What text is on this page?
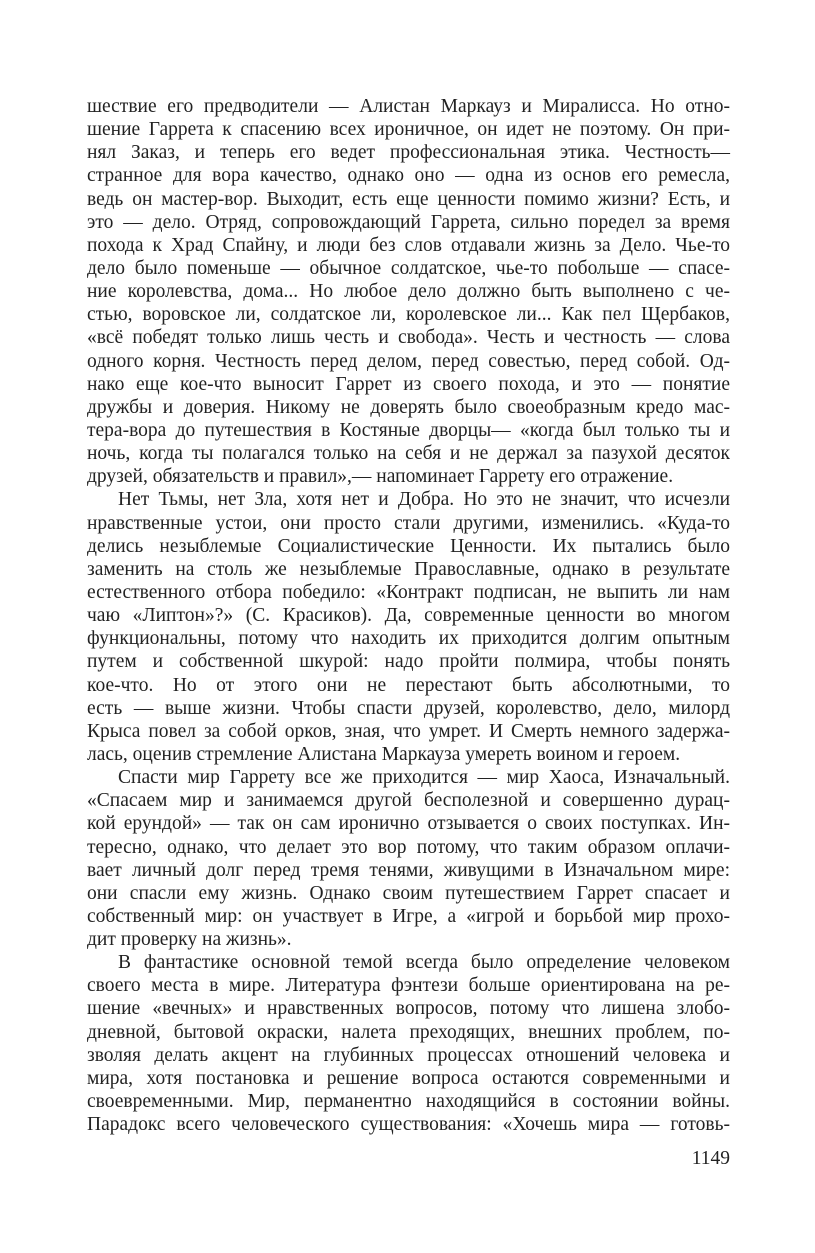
шествие его предводители — Алистан Маркауз и Миралисса. Но отно-
шение Гаррета к спасению всех ироничное, он идет не поэтому. Он при-
нял Заказ, и теперь его ведет профессиональная этика. Честность—
странное для вора качество, однако оно — одна из основ его ремесла,
ведь он мастер-вор. Выходит, есть еще ценности помимо жизни? Есть, и
это — дело. Отряд, сопровождающий Гаррета, сильно поредел за время
похода к Храд Спайну, и люди без слов отдавали жизнь за Дело. Чье-то
дело было поменьше — обычное солдатское, чье-то побольше — спасе-
ние королевства, дома... Но любое дело должно быть выполнено с че-
стью, воровское ли, солдатское ли, королевское ли... Как пел Щербаков,
«всё победят только лишь честь и свобода». Честь и честность — слова
одного корня. Честность перед делом, перед совестью, перед собой. Од-
нако еще кое-что выносит Гаррет из своего похода, и это — понятие
дружбы и доверия. Никому не доверять было своеобразным кредо мас-
тера-вора до путешествия в Костяные дворцы— «когда был только ты и
ночь, когда ты полагался только на себя и не держал за пазухой десяток
друзей, обязательств и правил»,— напоминает Гаррету его отражение.
Нет Тьмы, нет Зла, хотя нет и Добра. Но это не значит, что исчезли
нравственные устои, они просто стали другими, изменились. «Куда-то
делись незыблемые Социалистические Ценности. Их пытались было
заменить на столь же незыблемые Православные, однако в результате
естественного отбора победило: «Контракт подписан, не выпить ли нам
чаю «Липтон»?» (С. Красиков). Да, современные ценности во многом
функциональны, потому что находить их приходится долгим опытным
путем и собственной шкурой: надо пройти полмира, чтобы понять
кое-что. Но от этого они не перестают быть абсолютными, то
есть — выше жизни. Чтобы спасти друзей, королевство, дело, милорд
Крыса повел за собой орков, зная, что умрет. И Смерть немного задержа-
лась, оценив стремление Алистана Маркауза умереть воином и героем.
Спасти мир Гаррету все же приходится — мир Хаоса, Изначальный.
«Спасаем мир и занимаемся другой бесполезной и совершенно дурац-
кой ерундой» — так он сам иронично отзывается о своих поступках. Ин-
тересно, однако, что делает это вор потому, что таким образом оплачи-
вает личный долг перед тремя тенями, живущими в Изначальном мире:
они спасли ему жизнь. Однако своим путешествием Гаррет спасает и
собственный мир: он участвует в Игре, а «игрой и борьбой мир прохо-
дит проверку на жизнь».
В фантастике основной темой всегда было определение человеком
своего места в мире. Литература фэнтези больше ориентирована на ре-
шение «вечных» и нравственных вопросов, потому что лишена злобо-
дневной, бытовой окраски, налета преходящих, внешних проблем, по-
зволяя делать акцент на глубинных процессах отношений человека и
мира, хотя постановка и решение вопроса остаются современными и
своевременными. Мир, перманентно находящийся в состоянии войны.
Парадокс всего человеческого существования: «Хочешь мира — готовь-
1149
